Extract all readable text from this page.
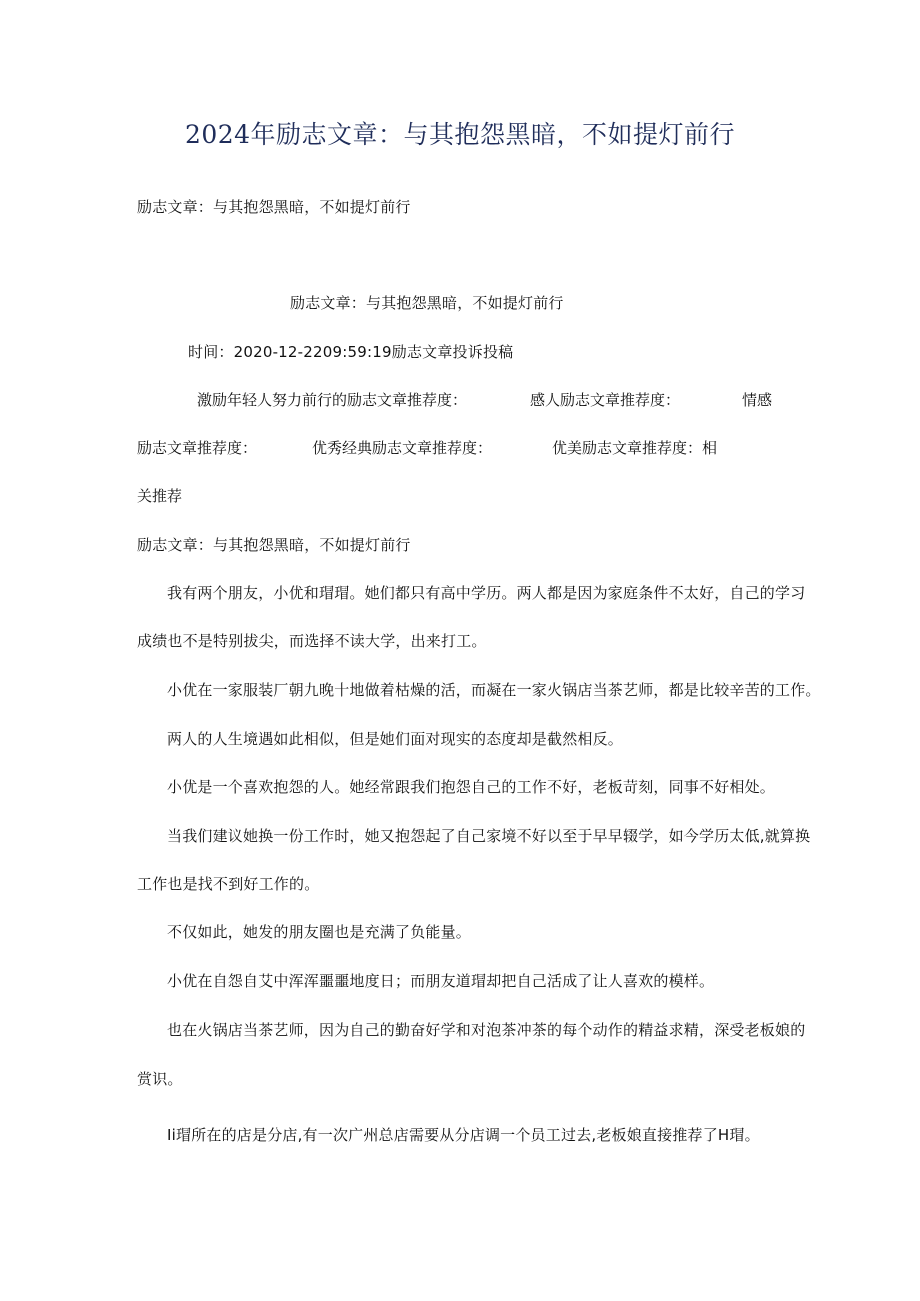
2024年励志文章：与其抱怨黑暗，不如提灯前行
励志文章：与其抱怨黑暗，不如提灯前行
励志文章：与其抱怨黑暗，不如提灯前行
时间：2020-12-2209:59:19励志文章投诉投稿
激励年轻人努力前行的励志文章推荐度：	感人励志文章推荐度：	情感
励志文章推荐度：	优秀经典励志文章推荐度：	优美励志文章推荐度：相
关推荐
励志文章：与其抱怨黑暗，不如提灯前行
我有两个朋友，小优和瑁瑁。她们都只有高中学历。两人都是因为家庭条件不太好，自己的学习
成绩也不是特别拔尖，而选择不读大学，出来打工。
小优在一家服装厂朝九晚十地做着枯燥的活，而凝在一家火锅店当茶艺师，都是比较辛苦的工作。
两人的人生境遇如此相似，但是她们面对现实的态度却是截然相反。
小优是一个喜欢抱怨的人。她经常跟我们抱怨自己的工作不好，老板苛刻，同事不好相处。
当我们建议她换一份工作时，她又抱怨起了自己家境不好以至于早早辍学，如今学历太低,就算换
工作也是找不到好工作的。
不仅如此，她发的朋友圈也是充满了负能量。
小优在自怨自艾中浑浑噩噩地度日；而朋友道瑁却把自己活成了让人喜欢的模样。
也在火锅店当茶艺师，因为自己的勤奋好学和对泡茶冲茶的每个动作的精益求精，深受老板娘的
赏识。
Ii瑁所在的店是分店,有一次广州总店需要从分店调一个员工过去,老板娘直接推荐了H瑁。
